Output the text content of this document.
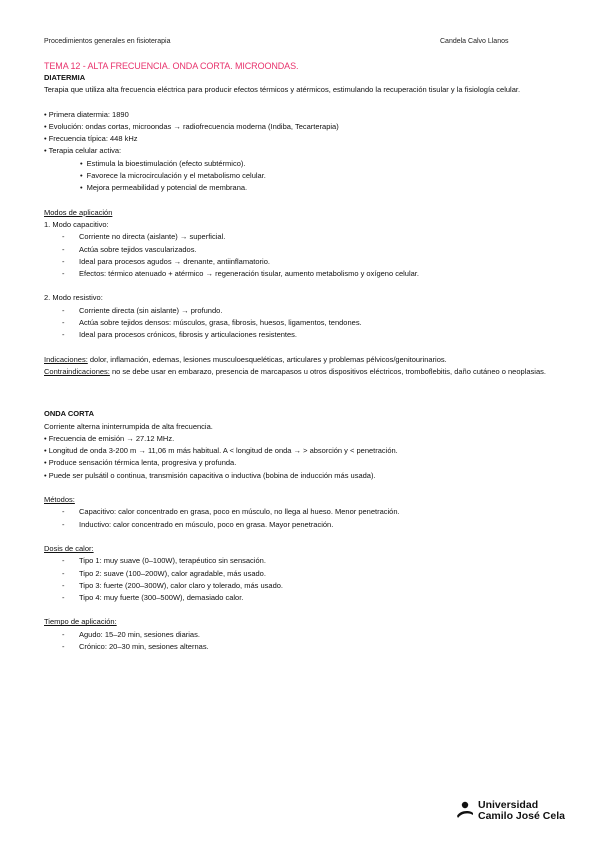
Procedimientos generales en fisioterapia	Candela Calvo Llanos
TEMA 12 - ALTA FRECUENCIA. ONDA CORTA. MICROONDAS.
DIATERMIA

Terapia que utiliza alta frecuencia eléctrica para producir efectos térmicos y atérmicos, estimulando la recuperación tisular y la fisiología celular.

• Primera diatermia: 1890
• Evolución: ondas cortas, microondas → radiofrecuencia moderna (Indiba, Tecarterapia)
• Frecuencia típica: 448 kHz
• Terapia celular activa:
• Estimula la bioestimulación (efecto subtérmico).
• Favorece la microcirculación y el metabolismo celular.
• Mejora permeabilidad y potencial de membrana.
Modos de aplicación
1. Modo capacitivo:
- Corriente no directa (aislante) → superficial.
- Actúa sobre tejidos vascularizados.
- Ideal para procesos agudos → drenante, antiinflamatorio.
- Efectos: térmico atenuado + atérmico → regeneración tisular, aumento metabolismo y oxígeno celular.
2. Modo resistivo:
- Corriente directa (sin aislante) → profundo.
- Actúa sobre tejidos densos: músculos, grasa, fibrosis, huesos, ligamentos, tendones.
- Ideal para procesos crónicos, fibrosis y articulaciones resistentes.

Indicaciones: dolor, inflamación, edemas, lesiones musculoesqueléticas, articulares y problemas pélvicos/genitourinarios.

Contraindicaciones: no se debe usar en embarazo, presencia de marcapasos u otros dispositivos eléctricos, tromboflebitis, daño cutáneo o neoplasias.

ONDA CORTA

Corriente alterna ininterrumpida de alta frecuencia.

• Frecuencia de emisión → 27.12 MHz.
• Longitud de onda 3-200 m → 11,06 m más habitual. A < longitud de onda → > absorción y < penetración.
• Produce sensación térmica lenta, progresiva y profunda.
• Puede ser pulsátil o continua, transmisión capacitiva o inductiva (bobina de inducción más usada).
Métodos:
- Capacitivo: calor concentrado en grasa, poco en músculo, no llega al hueso. Menor penetración.
- Inductivo: calor concentrado en músculo, poco en grasa. Mayor penetración.
Dosis de calor:
- Tipo 1: muy suave (0–100W), terapéutico sin sensación.
- Tipo 2: suave (100–200W), calor agradable, más usado.
- Tipo 3: fuerte (200–300W), calor claro y tolerado, más usado.
- Tipo 4: muy fuerte (300–500W), demasiado calor.
Tiempo de aplicación:
- Agudo: 15–20 min, sesiones diarias.
- Crónico: 20–30 min, sesiones alternas.
Universidad
Camilo José Cela
